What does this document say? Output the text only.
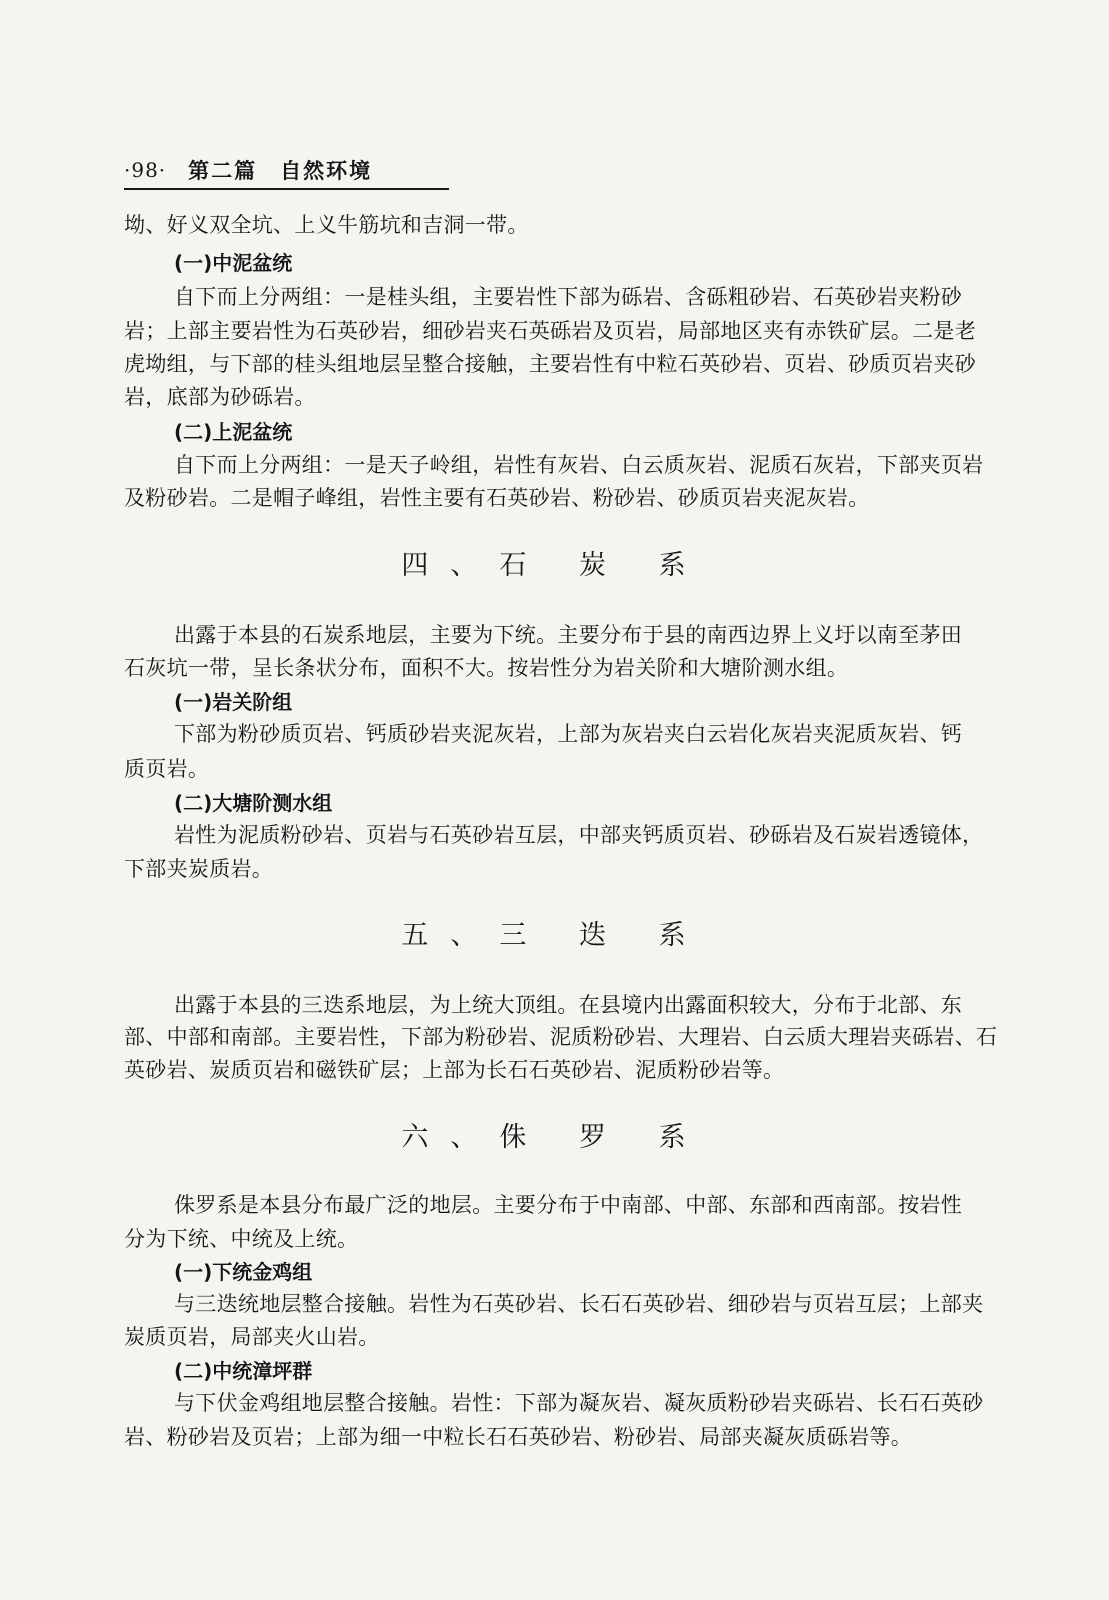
·98· 第二篇　自然环境
坳、好义双全坑、上义牛筋坑和吉洞一带。
(一)中泥盆统
自下而上分两组：一是桂头组，主要岩性下部为砾岩、含砾粗砂岩、石英砂岩夹粉砂
岩；上部主要岩性为石英砂岩，细砂岩夹石英砾岩及页岩，局部地区夹有赤铁矿层。二是老
虎坳组，与下部的桂头组地层呈整合接触，主要岩性有中粒石英砂岩、页岩、砂质页岩夹砂
岩，底部为砂砾岩。
(二)上泥盆统
自下而上分两组：一是天子岭组，岩性有灰岩、白云质灰岩、泥质石灰岩，下部夹页岩
及粉砂岩。二是帽子峰组，岩性主要有石英砂岩、粉砂岩、砂质页岩夹泥灰岩。
四、石 炭 系
出露于本县的石炭系地层，主要为下统。主要分布于县的南西边界上义圩以南至茅田
石灰坑一带，呈长条状分布，面积不大。按岩性分为岩关阶和大塘阶测水组。
(一)岩关阶组
下部为粉砂质页岩、钙质砂岩夹泥灰岩，上部为灰岩夹白云岩化灰岩夹泥质灰岩、钙
质页岩。
(二)大塘阶测水组
岩性为泥质粉砂岩、页岩与石英砂岩互层，中部夹钙质页岩、砂砾岩及石炭岩透镜体，
下部夹炭质岩。
五、三 迭 系
出露于本县的三迭系地层，为上统大顶组。在县境内出露面积较大，分布于北部、东
部、中部和南部。主要岩性，下部为粉砂岩、泥质粉砂岩、大理岩、白云质大理岩夹砾岩、石
英砂岩、炭质页岩和磁铁矿层；上部为长石石英砂岩、泥质粉砂岩等。
六、侏 罗 系
侏罗系是本县分布最广泛的地层。主要分布于中南部、中部、东部和西南部。按岩性
分为下统、中统及上统。
(一)下统金鸡组
与三迭统地层整合接触。岩性为石英砂岩、长石石英砂岩、细砂岩与页岩互层；上部夹
炭质页岩，局部夹火山岩。
(二)中统漳坪群
与下伏金鸡组地层整合接触。岩性：下部为凝灰岩、凝灰质粉砂岩夹砾岩、长石石英砂
岩、粉砂岩及页岩；上部为细一中粒长石石英砂岩、粉砂岩、局部夹凝灰质砾岩等。
